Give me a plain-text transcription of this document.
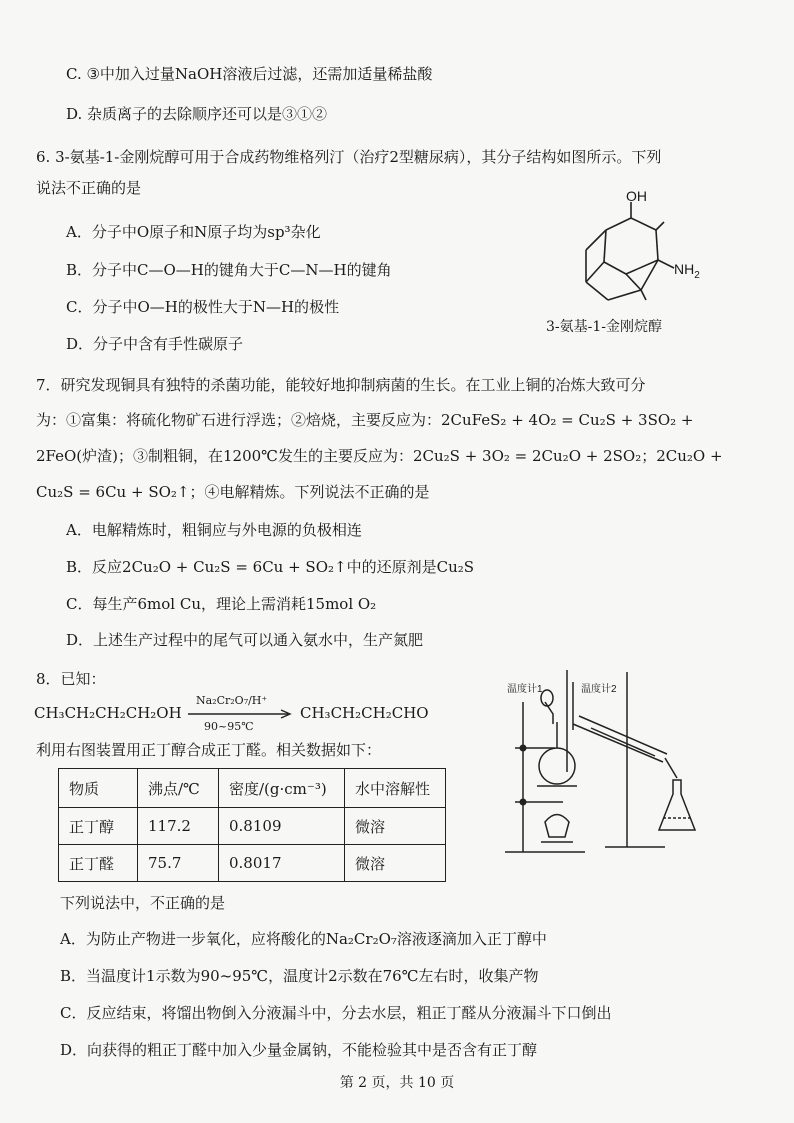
C. ③中加入过量NaOH溶液后过滤，还需加适量稀盐酸
D. 杂质离子的去除顺序还可以是③①②
6. 3-氨基-1-金刚烷醇可用于合成药物维格列汀（治疗2型糖尿病），其分子结构如图所示。下列
说法不正确的是
A．分子中O原子和N原子均为sp³杂化
B．分子中C—O—H的键角大于C—N—H的键角
C．分子中O—H的极性大于N—H的极性
D．分子中含有手性碳原子
OH
$NH_2$
3-氨基-1-金刚烷醇
7．研究发现铜具有独特的杀菌功能，能较好地抑制病菌的生长。在工业上铜的冶炼大致可分
为：①富集：将硫化物矿石进行浮选；②焙烧，主要反应为：2CuFeS₂ + 4O₂ = Cu₂S + 3SO₂ +
2FeO(炉渣)；③制粗铜，在1200℃发生的主要反应为：2Cu₂S + 3O₂ = 2Cu₂O + 2SO₂；2Cu₂O +
Cu₂S = 6Cu + SO₂↑；④电解精炼。下列说法不正确的是
A．电解精炼时，粗铜应与外电源的负极相连
B．反应2Cu₂O + Cu₂S = 6Cu + SO₂↑中的还原剂是Cu₂S
C．每生产6mol Cu，理论上需消耗15mol O₂
D．上述生产过程中的尾气可以通入氨水中，生产氮肥
8．已知：
CH₃CH₂CH₂CH₂OH
Na₂Cr₂O₇/H⁺
90~95℃
CH₃CH₂CH₂CHO
利用右图装置用正丁醇合成正丁醛。相关数据如下：
物质	沸点/℃	密度/(g·cm⁻³)	水中溶解性
正丁醇	117.2	0.8109	微溶
正丁醛	75.7	0.8017	微溶
温度计1	温度计2
下列说法中，不正确的是
A．为防止产物进一步氧化，应将酸化的Na₂Cr₂O₇溶液逐滴加入正丁醇中
B．当温度计1示数为90~95℃，温度计2示数在76℃左右时，收集产物
C．反应结束，将馏出物倒入分液漏斗中，分去水层，粗正丁醛从分液漏斗下口倒出
D．向获得的粗正丁醛中加入少量金属钠，不能检验其中是否含有正丁醇
第 2 页，共 10 页
